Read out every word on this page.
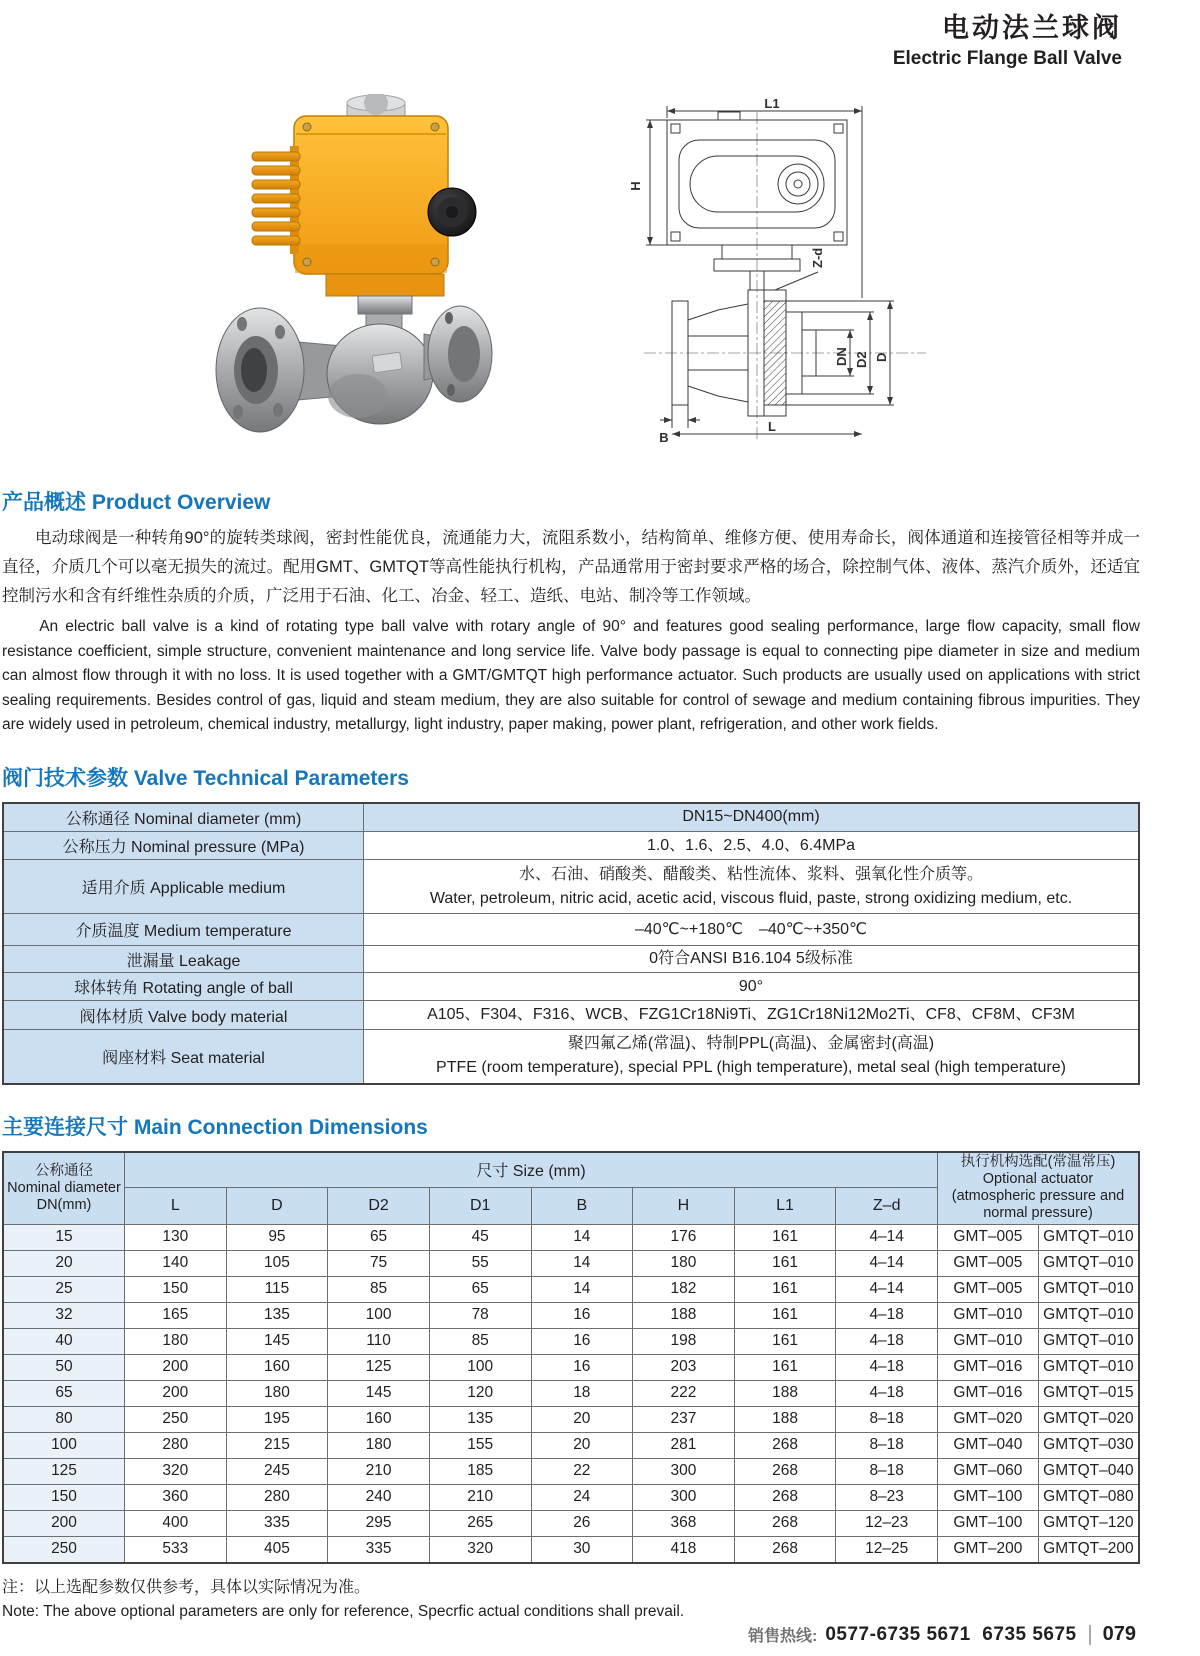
电动法兰球阀
Electric Flange Ball Valve
L1
H
Z-d
DN D2 D
B
L
产品概述 Product Overview

电动球阀是一种转角90°的旋转类球阀，密封性能优良，流通能力大，流阻系数小，结构简单、维修方便、使用寿命长，阀体通道和连接管径相等并成一直径，介质几个可以毫无损失的流过。配用GMT、GMTQT等高性能执行机构，产品通常用于密封要求严格的场合，除控制气体、液体、蒸汽介质外，还适宜控制污水和含有纤维性杂质的介质，广泛用于石油、化工、冶金、轻工、造纸、电站、制冷等工作领域。

An electric ball valve is a kind of rotating type ball valve with rotary angle of 90° and features good sealing performance, large flow capacity, small flow resistance coefficient, simple structure, convenient maintenance and long service life. Valve body passage is equal to connecting pipe diameter in size and medium can almost flow through it with no loss. It is used together with a GMT/GMTQT high performance actuator. Such products are usually used on applications with strict sealing requirements. Besides control of gas, liquid and steam medium, they are also suitable for control of sewage and medium containing fibrous impurities. They are widely used in petroleum, chemical industry, metallurgy, light industry, paper making, power plant, refrigeration, and other work fields.

阀门技术参数 Valve Technical Parameters
公称通径 Nominal diameter (mm)	DN15~DN400(mm)

公称压力 Nominal pressure (MPa)	1.0、1.6、2.5、4.0、6.4MPa

适用介质 Applicable medium	水、石油、硝酸类、醋酸类、粘性流体、浆料、强氧化性介质等。
Water, petroleum, nitric acid, acetic acid, viscous fluid, paste, strong oxidizing medium, etc.

介质温度 Medium temperature	–40℃~+180℃　–40℃~+350℃

泄漏量 Leakage	0符合ANSI B16.104 5级标准

球体转角 Rotating angle of ball	90°

阀体材质 Valve body material	A105、F304、F316、WCB、FZG1Cr18Ni9Ti、ZG1Cr18Ni12Mo2Ti、CF8、CF8M、CF3M

阀座材料 Seat material	聚四氟乙烯(常温)、特制PPL(高温)、金属密封(高温)
PTFE (room temperature), special PPL (high temperature), metal seal (high temperature)
主要连接尺寸 Main Connection Dimensions
公称通径
Nominal diameter
DN(mm)
	尺寸 Size (mm)	
执行机构选配(常温常压)
Optional actuator (atmospheric pressure and normal pressure)

	L	D	D2	D1	B	H	L1	Z–d		
15	130	95	65	45	14	176	161	4–14	GMT–005	GMTQT–010
20	140	105	75	55	14	180	161	4–14	GMT–005	GMTQT–010
25	150	115	85	65	14	182	161	4–14	GMT–005	GMTQT–010
32	165	135	100	78	16	188	161	4–18	GMT–010	GMTQT–010
40	180	145	110	85	16	198	161	4–18	GMT–010	GMTQT–010
50	200	160	125	100	16	203	161	4–18	GMT–016	GMTQT–010
65	200	180	145	120	18	222	188	4–18	GMT–016	GMTQT–015
80	250	195	160	135	20	237	188	8–18	GMT–020	GMTQT–020
100	280	215	180	155	20	281	268	8–18	GMT–040	GMTQT–030
125	320	245	210	185	22	300	268	8–18	GMT–060	GMTQT–040
150	360	280	240	210	24	300	268	8–23	GMT–100	GMTQT–080
200	400	335	295	265	26	368	268	12–23	GMT–100	GMTQT–120
250	533	405	335	320	30	418	268	12–25	GMT–200	GMTQT–200

注：以上选配参数仅供参考，具体以实际情况为准。

Note: The above optional parameters are only for reference, Specrfic actual conditions shall prevail.

销售热线: 0577-6735 5671  6735 5675 079
